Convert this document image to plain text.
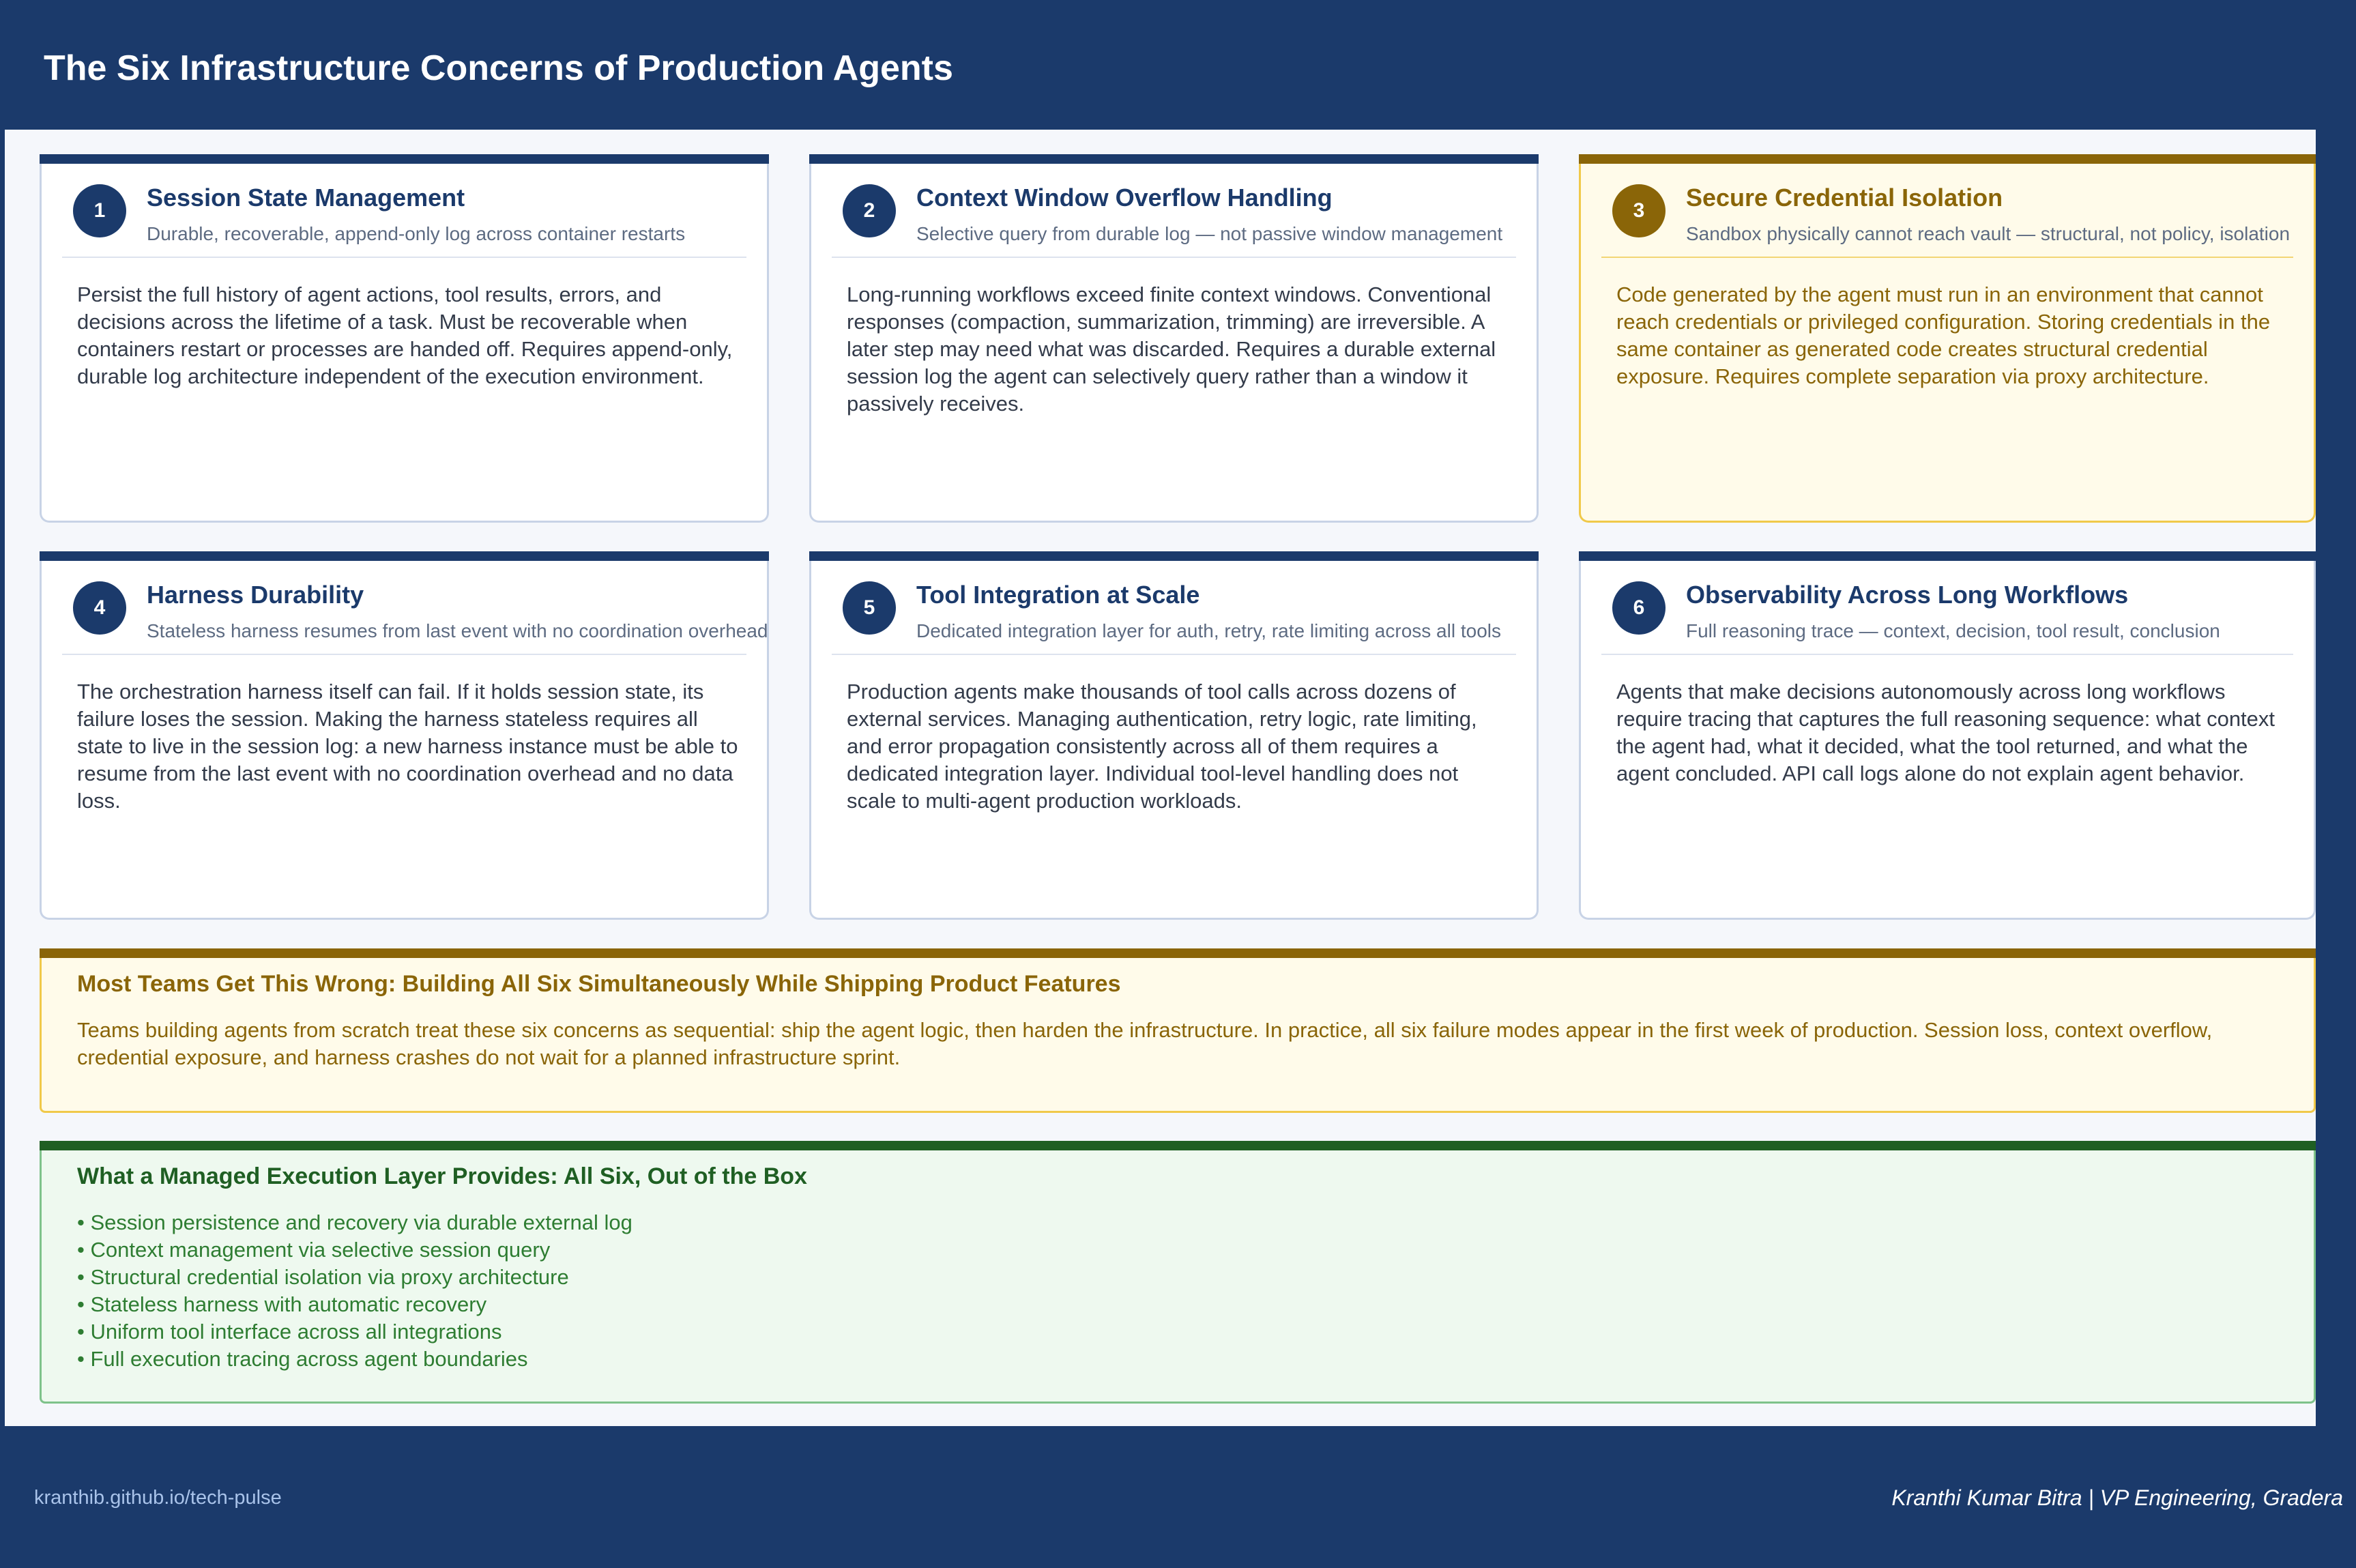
The Six Infrastructure Concerns of Production Agents
1	Session State Management
Durable, recoverable, append-only log across container restarts

Persist the full history of agent actions, tool results, errors, and decisions across the lifetime of a task. Must be recoverable when containers restart or processes are handed off. Requires append-only, durable log architecture independent of the execution environment.

2	Context Window Overflow Handling
Selective query from durable log — not passive window management

Long-running workflows exceed finite context windows. Conventional responses (compaction, summarization, trimming) are irreversible. A later step may need what was discarded. Requires a durable external session log the agent can selectively query rather than a window it passively receives.

3	Secure Credential Isolation
Sandbox physically cannot reach vault — structural, not policy, isolation

Code generated by the agent must run in an environment that cannot reach credentials or privileged configuration. Storing credentials in the same container as generated code creates structural credential exposure. Requires complete separation via proxy architecture.

4	Harness Durability
Stateless harness resumes from last event with no coordination overhead

The orchestration harness itself can fail. If it holds session state, its failure loses the session. Making the harness stateless requires all state to live in the session log: a new harness instance must be able to resume from the last event with no coordination overhead and no data loss.

5	Tool Integration at Scale
Dedicated integration layer for auth, retry, rate limiting across all tools

Production agents make thousands of tool calls across dozens of external services. Managing authentication, retry logic, rate limiting, and error propagation consistently across all of them requires a dedicated integration layer. Individual tool-level handling does not scale to multi-agent production workloads.

6	Observability Across Long Workflows
Full reasoning trace — context, decision, tool result, conclusion

Agents that make decisions autonomously across long workflows require tracing that captures the full reasoning sequence: what context the agent had, what it decided, what the tool returned, and what the agent concluded. API call logs alone do not explain agent behavior.

Most Teams Get This Wrong: Building All Six Simultaneously While Shipping Product Features

Teams building agents from scratch treat these six concerns as sequential: ship the agent logic, then harden the infrastructure. In practice, all six failure modes appear in the first week of production. Session loss, context overflow, credential exposure, and harness crashes do not wait for a planned infrastructure sprint.

What a Managed Execution Layer Provides: All Six, Out of the Box
• Session persistence and recovery via durable external log
• Context management via selective session query
• Structural credential isolation via proxy architecture
• Stateless harness with automatic recovery
• Uniform tool interface across all integrations
• Full execution tracing across agent boundaries
kranthib.github.io/tech-pulse	Kranthi Kumar Bitra | VP Engineering, Gradera
